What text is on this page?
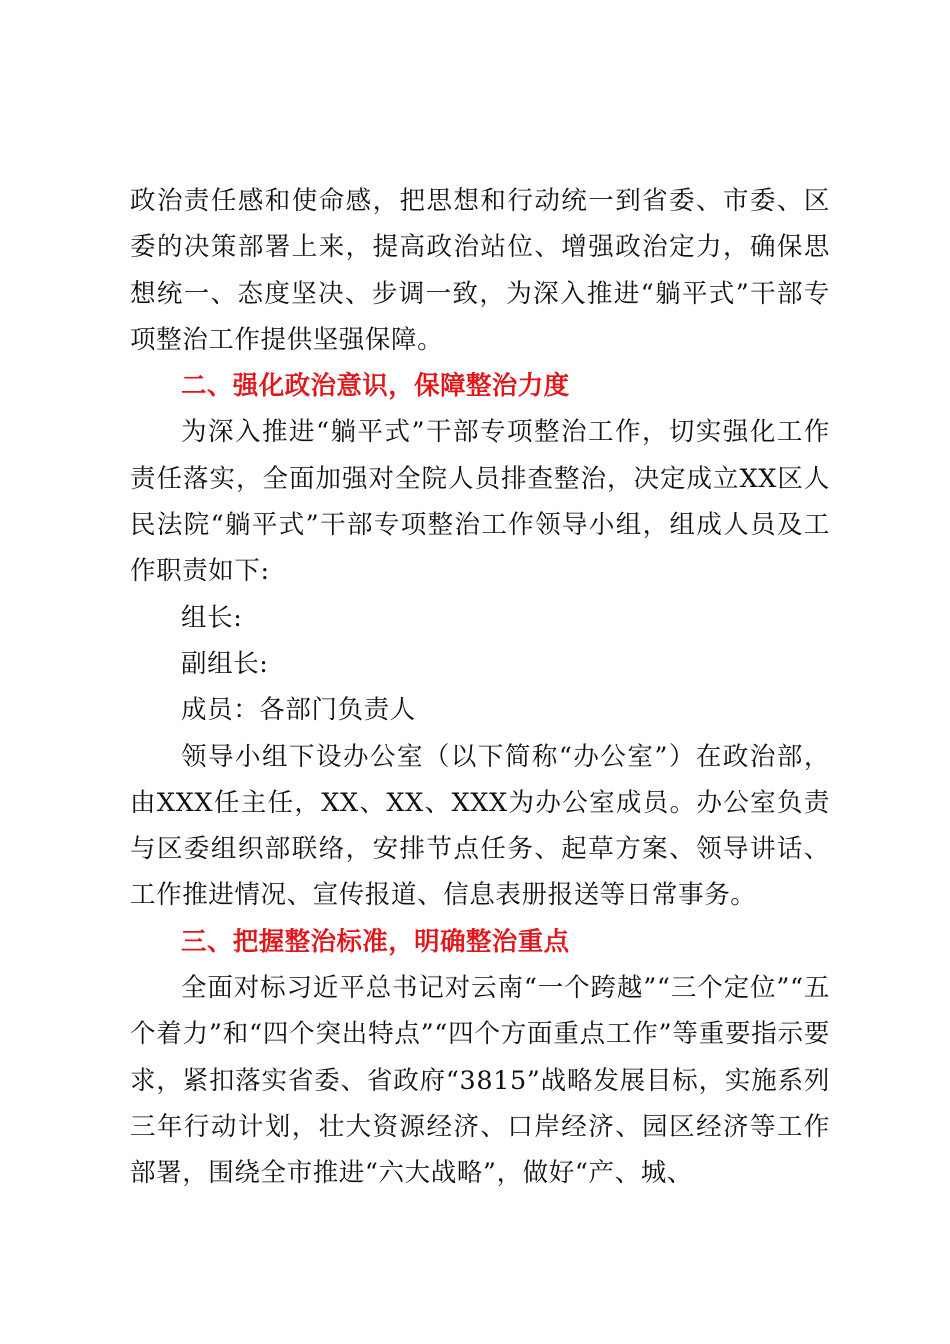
政治责任感和使命感，把思想和行动统一到省委、市委、区委的决策部署上来，提高政治站位、增强政治定力，确保思想统一、态度坚决、步调一致，为深入推进“躺平式”干部专项整治工作提供坚强保障。

二、强化政治意识，保障整治力度

为深入推进“躺平式”干部专项整治工作，切实强化工作责任落实，全面加强对全院人员排查整治，决定成立XX区人民法院“躺平式”干部专项整治工作领导小组，组成人员及工作职责如下:

组长:

副组长:

成员：各部门负责人

领导小组下设办公室（以下简称“办公室”）在政治部，由XXX任主任，XX、XX、XXX为办公室成员。办公室负责与区委组织部联络，安排节点任务、起草方案、领导讲话、工作推进情况、宣传报道、信息表册报送等日常事务。

三、把握整治标准，明确整治重点

全面对标习近平总书记对云南“一个跨越”“三个定位”“五个着力”和“四个突出特点”“四个方面重点工作”等重要指示要求，紧扣落实省委、省政府“3815”战略发展目标，实施系列三年行动计划，壮大资源经济、口岸经济、园区经济等工作部署，围绕全市推进“六大战略”，做好“产、城、
